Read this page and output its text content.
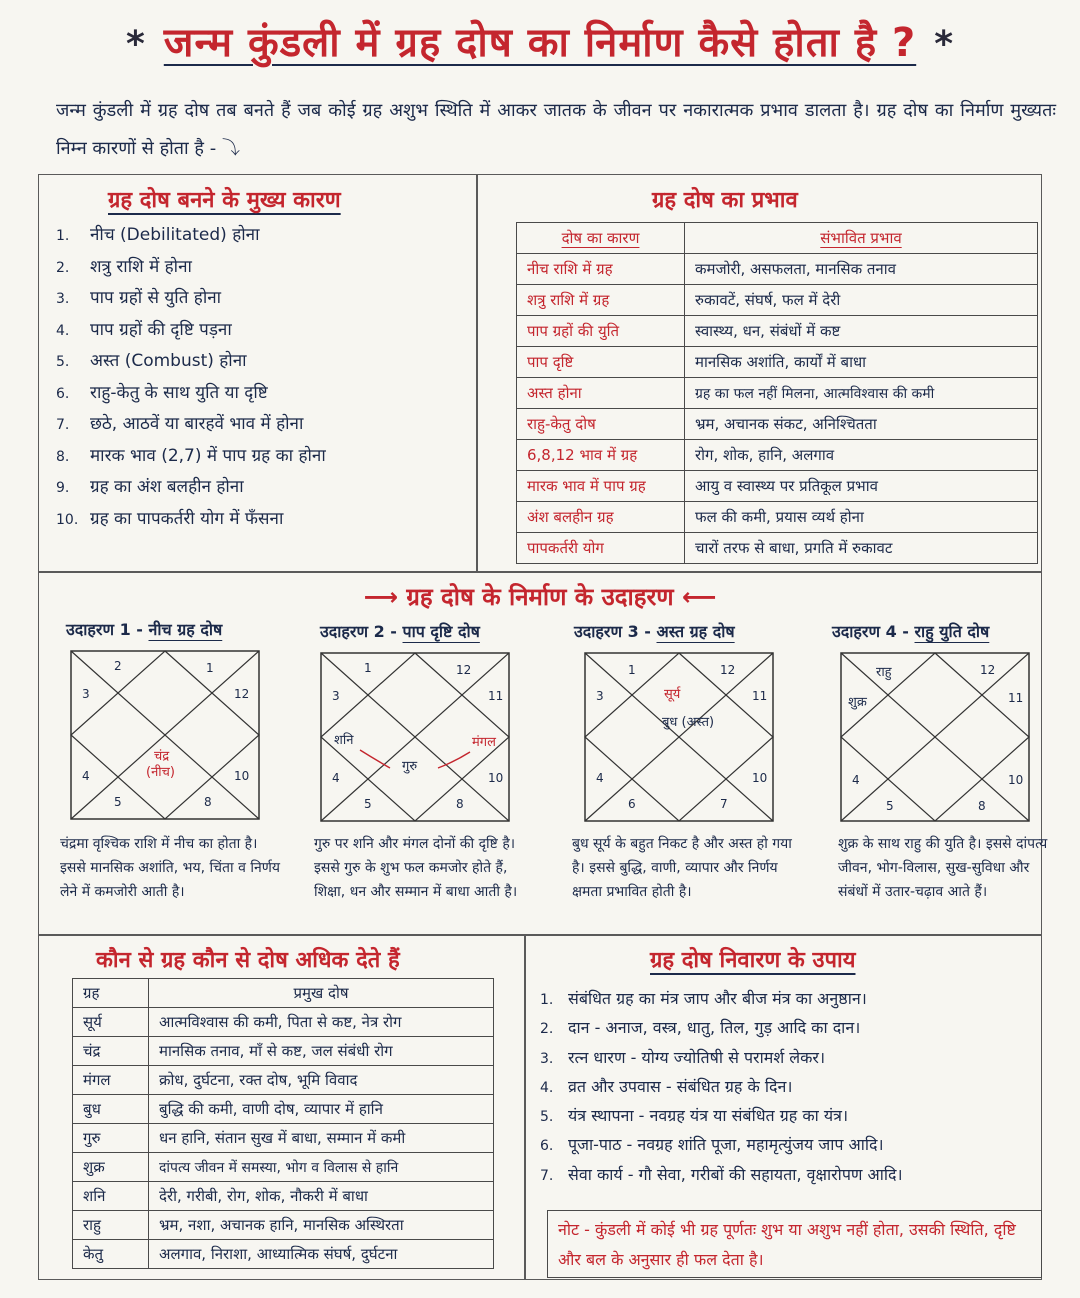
* जन्म कुंडली में ग्रह दोष का निर्माण कैसे होता है ? *
जन्म कुंडली में ग्रह दोष तब बनते हैं जब कोई ग्रह अशुभ स्थिति में आकर जातक के जीवन पर नकारात्मक प्रभाव डालता है। ग्रह दोष का निर्माण मुख्यतः निम्न कारणों से होता है - ⤵
ग्रह दोष बनने के मुख्य कारण
1. नीच (Debilitated) होना
2. शत्रु राशि में होना
3. पाप ग्रहों से युति होना
4. पाप ग्रहों की दृष्टि पड़ना
5. अस्त (Combust) होना
6. राहु-केतु के साथ युति या दृष्टि
7. छठे, आठवें या बारहवें भाव में होना
8. मारक भाव (2,7) में पाप ग्रह का होना
9. ग्रह का अंश बलहीन होना
10. ग्रह का पापकर्तरी योग में फँसना
ग्रह दोष का प्रभाव
दोष का कारण	संभावित प्रभाव
नीच राशि में ग्रह	कमजोरी, असफलता, मानसिक तनाव
शत्रु राशि में ग्रह	रुकावटें, संघर्ष, फल में देरी
पाप ग्रहों की युति	स्वास्थ्य, धन, संबंधों में कष्ट
पाप दृष्टि	मानसिक अशांति, कार्यों में बाधा
अस्त होना	ग्रह का फल नहीं मिलना, आत्मविश्वास की कमी
राहु-केतु दोष	भ्रम, अचानक संकट, अनिश्चितता
6,8,12 भाव में ग्रह	रोग, शोक, हानि, अलगाव
मारक भाव में पाप ग्रह	आयु व स्वास्थ्य पर प्रतिकूल प्रभाव
अंश बलहीन ग्रह	फल की कमी, प्रयास व्यर्थ होना
पापकर्तरी योग	चारों तरफ से बाधा, प्रगति में रुकावट
⟶ ग्रह दोष के निर्माण के उदाहरण ⟵
उदाहरण 1 - नीच ग्रह दोष
2	1
12
3
4	10
5	8
चंद्र
(नीच)
चंद्रमा वृश्चिक राशि में नीच का होता है। इससे मानसिक अशांति, भय, चिंता व निर्णय लेने में कमजोरी आती है।
उदाहरण 2 - पाप दृष्टि दोष
1	12
3	11
4	10
5	8
शनि	मंगल
गुरु
गुरु पर शनि और मंगल दोनों की दृष्टि है। इससे गुरु के शुभ फल कमजोर होते हैं, शिक्षा, धन और सम्मान में बाधा आती है।
उदाहरण 3 - अस्त ग्रह दोष
1	12
3	11
4	10
6	7
सूर्य
बुध (अस्त)
बुध सूर्य के बहुत निकट है और अस्त हो गया है। इससे बुद्धि, वाणी, व्यापार और निर्णय क्षमता प्रभावित होती है।
उदाहरण 4 - राहु युति दोष
12
11
4	10
5	8
राहु
शुक्र
शुक्र के साथ राहु की युति है। इससे दांपत्य जीवन, भोग-विलास, सुख-सुविधा और संबंधों में उतार-चढ़ाव आते हैं।
कौन से ग्रह कौन से दोष अधिक देते हैं
ग्रह	प्रमुख दोष
सूर्य	आत्मविश्वास की कमी, पिता से कष्ट, नेत्र रोग
चंद्र	मानसिक तनाव, माँ से कष्ट, जल संबंधी रोग
मंगल	क्रोध, दुर्घटना, रक्त दोष, भूमि विवाद
बुध	बुद्धि की कमी, वाणी दोष, व्यापार में हानि
गुरु	धन हानि, संतान सुख में बाधा, सम्मान में कमी
शुक्र	दांपत्य जीवन में समस्या, भोग व विलास से हानि
शनि	देरी, गरीबी, रोग, शोक, नौकरी में बाधा
राहु	भ्रम, नशा, अचानक हानि, मानसिक अस्थिरता
केतु	अलगाव, निराशा, आध्यात्मिक संघर्ष, दुर्घटना
ग्रह दोष निवारण के उपाय
1. संबंधित ग्रह का मंत्र जाप और बीज मंत्र का अनुष्ठान।
2. दान - अनाज, वस्त्र, धातु, तिल, गुड़ आदि का दान।
3. रत्न धारण - योग्य ज्योतिषी से परामर्श लेकर।
4. व्रत और उपवास - संबंधित ग्रह के दिन।
5. यंत्र स्थापना - नवग्रह यंत्र या संबंधित ग्रह का यंत्र।
6. पूजा-पाठ - नवग्रह शांति पूजा, महामृत्युंजय जाप आदि।
7. सेवा कार्य - गौ सेवा, गरीबों की सहायता, वृक्षारोपण आदि।
नोट - कुंडली में कोई भी ग्रह पूर्णतः शुभ या अशुभ नहीं होता, उसकी स्थिति, दृष्टि और बल के अनुसार ही फल देता है।
